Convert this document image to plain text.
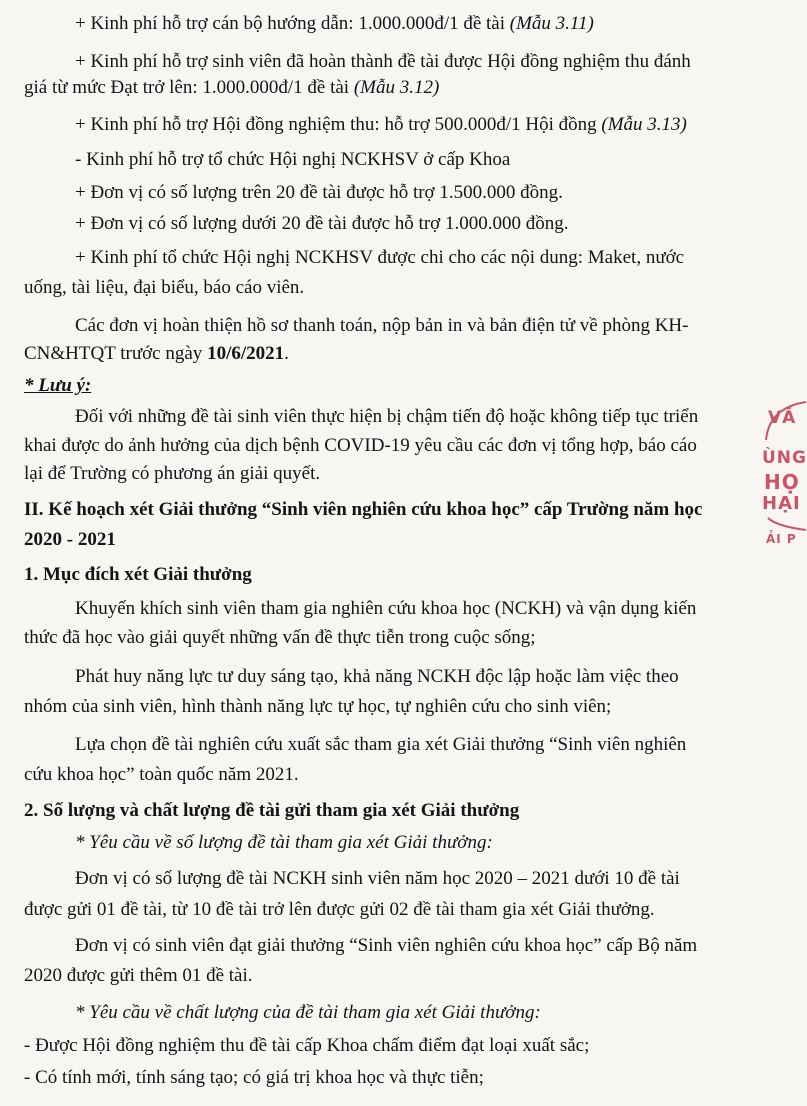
+ Kinh phí hỗ trợ cán bộ hướng dẫn: 1.000.000đ/1 đề tài (Mẫu 3.11)
+ Kinh phí hỗ trợ sinh viên đã hoàn thành đề tài được Hội đồng nghiệm thu đánh
giá từ mức Đạt trở lên: 1.000.000đ/1 đề tài (Mẫu 3.12)
+ Kinh phí hỗ trợ Hội đồng nghiệm thu: hỗ trợ 500.000đ/1 Hội đồng (Mẫu 3.13)
- Kinh phí hỗ trợ tổ chức Hội nghị NCKHSV ở cấp Khoa
+ Đơn vị có số lượng trên 20 đề tài được hỗ trợ 1.500.000 đồng.
+ Đơn vị có số lượng dưới 20 đề tài được hỗ trợ 1.000.000 đồng.
+ Kinh phí tổ chức Hội nghị NCKHSV được chi cho các nội dung: Maket, nước
uống, tài liệu, đại biểu, báo cáo viên.
Các đơn vị hoàn thiện hồ sơ thanh toán, nộp bản in và bản điện tử về phòng KH-
CN&HTQT trước ngày 10/6/2021.
* Lưu ý:
Đối với những đề tài sinh viên thực hiện bị chậm tiến độ hoặc không tiếp tục triển
khai được do ảnh hưởng của dịch bệnh COVID-19 yêu cầu các đơn vị tổng hợp, báo cáo
lại để Trường có phương án giải quyết.
II. Kế hoạch xét Giải thưởng “Sinh viên nghiên cứu khoa học” cấp Trường năm học
2020 - 2021
1. Mục đích xét Giải thưởng
Khuyến khích sinh viên tham gia nghiên cứu khoa học (NCKH) và vận dụng kiến
thức đã học vào giải quyết những vấn đề thực tiễn trong cuộc sống;
Phát huy năng lực tư duy sáng tạo, khả năng NCKH độc lập hoặc làm việc theo
nhóm của sinh viên, hình thành năng lực tự học, tự nghiên cứu cho sinh viên;
Lựa chọn đề tài nghiên cứu xuất sắc tham gia xét Giải thưởng “Sinh viên nghiên
cứu khoa học” toàn quốc năm 2021.
2. Số lượng và chất lượng đề tài gửi tham gia xét Giải thưởng
* Yêu cầu về số lượng đề tài tham gia xét Giải thưởng:
Đơn vị có số lượng đề tài NCKH sinh viên năm học 2020 – 2021 dưới 10 đề tài
được gửi 01 đề tài, từ 10 đề tài trở lên được gửi 02 đề tài tham gia xét Giải thưởng.
Đơn vị có sinh viên đạt giải thưởng “Sinh viên nghiên cứu khoa học” cấp Bộ năm
2020 được gửi thêm 01 đề tài.
* Yêu cầu về chất lượng của đề tài tham gia xét Giải thưởng:
- Được Hội đồng nghiệm thu đề tài cấp Khoa chấm điểm đạt loại xuất sắc;
- Có tính mới, tính sáng tạo; có giá trị khoa học và thực tiễn;
VĂ
ÙNG
HỌ
HẠI
ẢI P
